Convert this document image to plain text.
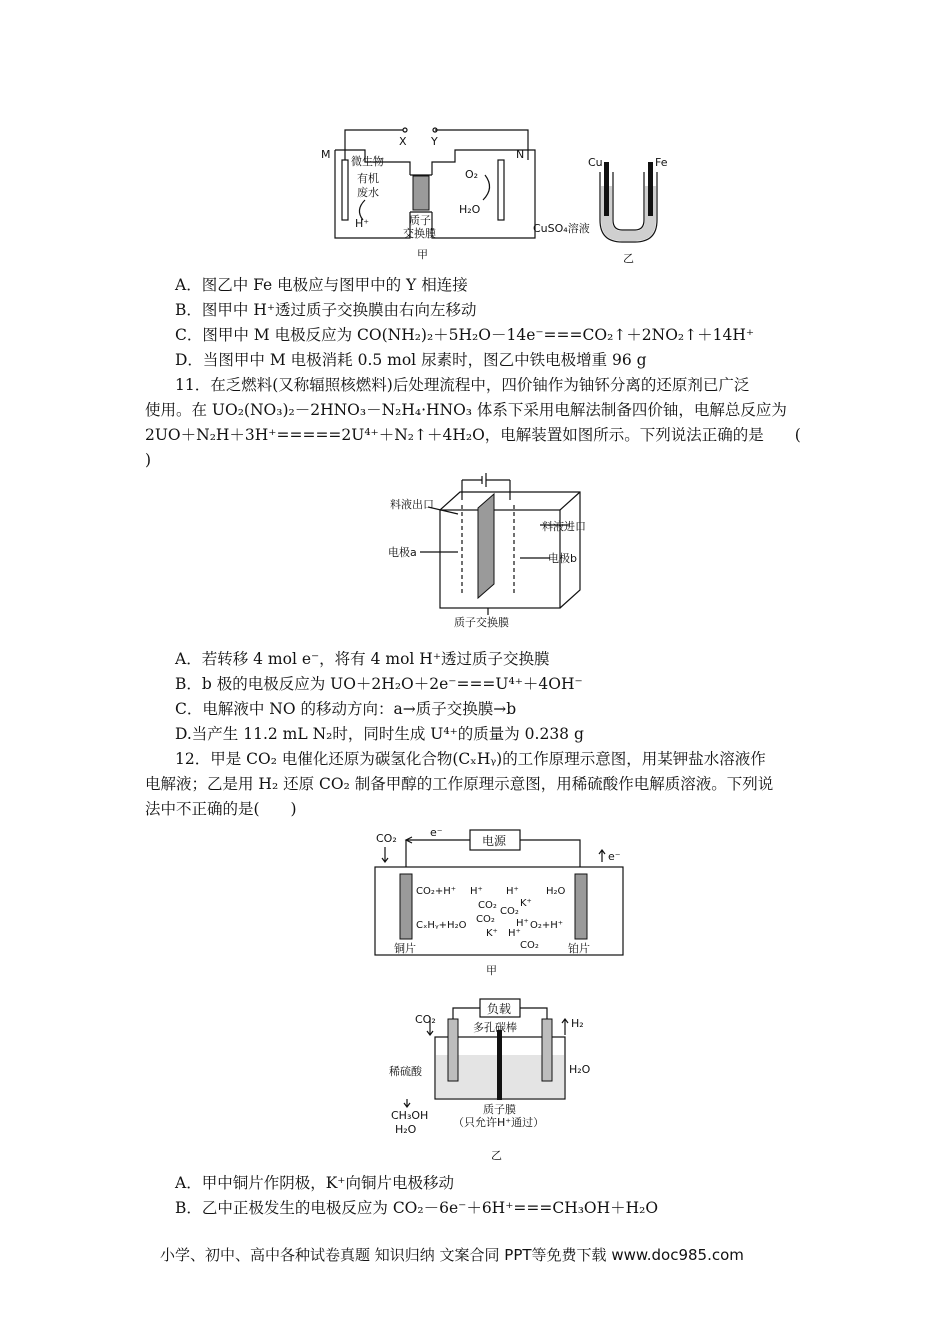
X Y
M	N
微生物
有机
废水
H⁺
O₂
H₂O
质子
交换膜
甲
Cu	Fe
CuSO₄溶液
乙
A．图乙中 Fe 电极应与图甲中的 Y 相连接
B．图甲中 H⁺透过质子交换膜由右向左移动
C．图甲中 M 电极反应为 CO(NH₂)₂＋5H₂O－14e⁻===CO₂↑＋2NO₂↑＋14H⁺
D．当图甲中 M 电极消耗 0.5 mol 尿素时，图乙中铁电极增重 96 g
11．在乏燃料(又称辐照核燃料)后处理流程中，四价铀作为铀钚分离的还原剂已广泛
使用。在 UO₂(NO₃)₂－2HNO₃－N₂H₄·HNO₃ 体系下采用电解法制备四价铀，电解总反应为
2UO＋N₂H＋3H⁺=====2U⁴⁺＋N₂↑＋4H₂O，电解装置如图所示。下列说法正确的是　　(
)
料液出口
料液进口
电极a	电极b
质子交换膜
A．若转移 4 mol e⁻，将有 4 mol H⁺透过质子交换膜
B．b 极的电极反应为 UO＋2H₂O＋2e⁻===U⁴⁺＋4OH⁻
C．电解液中 NO 的移动方向：a→质子交换膜→b
D.当产生 11.2 mL N₂时，同时生成 U⁴⁺的质量为 0.238 g
12．甲是 CO₂ 电催化还原为碳氢化合物(CₓHᵧ)的工作原理示意图，用某钾盐水溶液作
电解液；乙是用 H₂ 还原 CO₂ 制备甲醇的工作原理示意图，用稀硫酸作电解质溶液。下列说
法中不正确的是(　　)
CO₂	e⁻
电源
e⁻
CO₂+H⁺
CₓHᵧ+H₂O
H₂O
O₂+H⁺
H⁺ H⁺
K⁺
CO₂
CO₂
CO₂
H⁺
K⁺ H⁺
CO₂
铜片	铂片
甲
负载
CO₂	H₂
多孔碳棒
稀硫酸	H₂O
质子膜
（只允许H⁺通过）
CH₃OH
H₂O
乙
A．甲中铜片作阴极，K⁺向铜片电极移动
B．乙中正极发生的电极反应为 CO₂－6e⁻＋6H⁺===CH₃OH＋H₂O
小学、初中、高中各种试卷真题 知识归纳 文案合同 PPT等免费下载 www.doc985.com
